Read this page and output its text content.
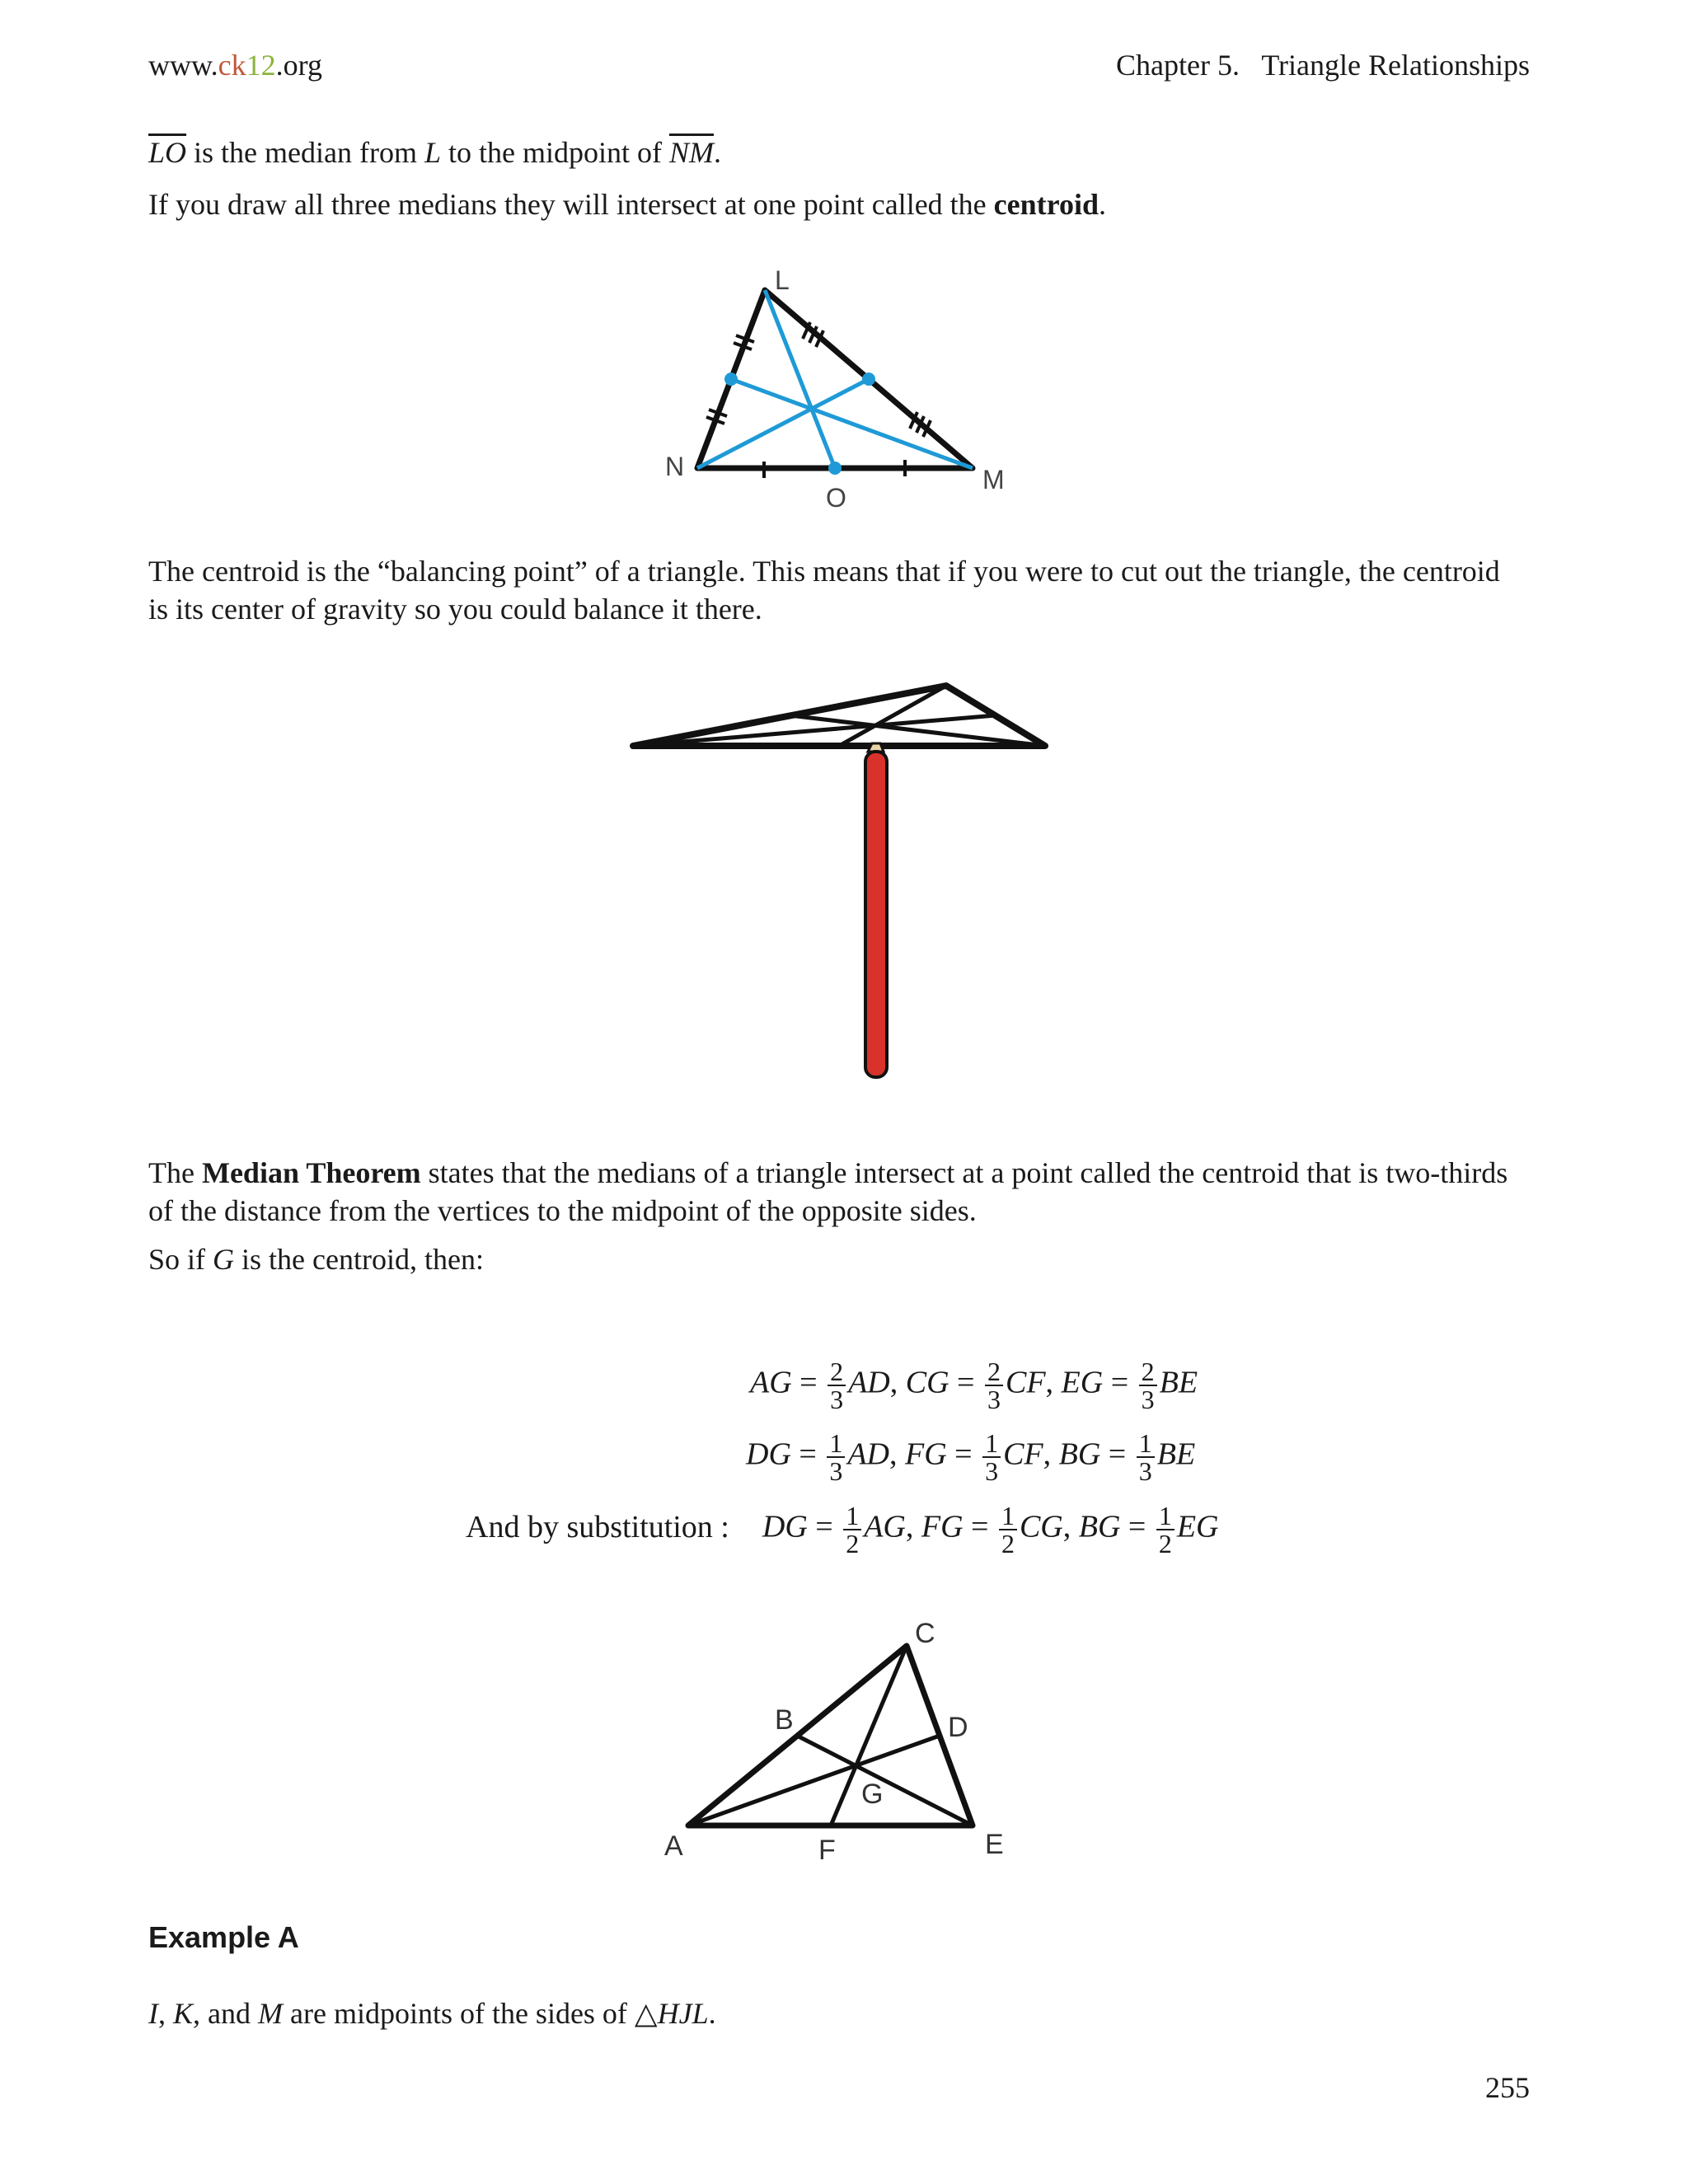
www.ck12.org	Chapter 5.   Triangle Relationships
$\overline{LO}$ is the median from L to the midpoint of $\overline{NM}$.
If you draw all three medians they will intersect at one point called the centroid.
L
N
O
M
The centroid is the “balancing point” of a triangle. This means that if you were to cut out the triangle, the centroid
is its center of gravity so you could balance it there.
The Median Theorem states that the medians of a triangle intersect at a point called the centroid that is two-thirds
of the distance from the vertices to the midpoint of the opposite sides.
So if G is the centroid, then:
AG = $\frac{2}{3}$ AD, CG = $\frac{2}{3}$ CF, EG = $\frac{2}{3}$ BE
DG = $\frac{1}{3}$ AD, FG = $\frac{1}{3}$ CF, BG = $\frac{1}{3}$ BE
And by substitution : DG = $\frac{1}{2}$ AG, FG = $\frac{1}{2}$ CG, BG = $\frac{1}{2}$ EG
A
B
C
D
E
F
G
Example A
I, K, and M are midpoints of the sides of △HJL.
255
